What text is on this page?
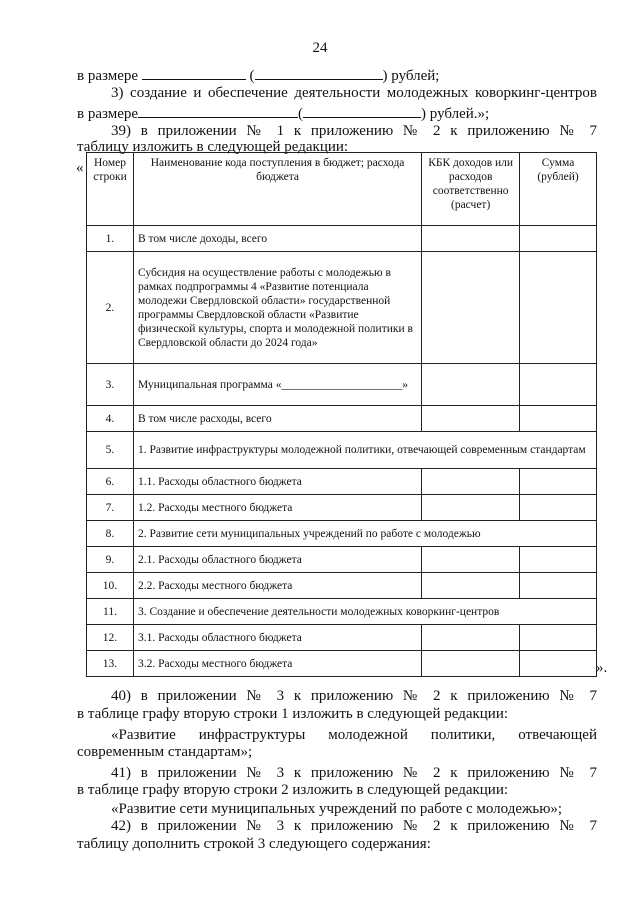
24
в размере	(	) рублей;
3) создание и обеспечение деятельности молодежных коворкинг-центров
в размере	(	) рублей.»;
39) в приложении № 1 к приложению № 2 к приложению № 7
таблицу изложить в следующей редакции:
« Номер строки	Наименование кода поступления в бюджет; расхода бюджета	КБК доходов или расходов соответственно (расчет)	Сумма (рублей)
1.	В том числе доходы, всего		
2.	Субсидия на осуществление работы с молодежью в рамках подпрограммы 4 «Развитие потенциала молодежи Свердловской области» государственной программы Свердловской области «Развитие физической культуры, спорта и молодежной политики в Свердловской области до 2024 года»		
3.	Муниципальная программа «_____________________»		
4.	В том числе расходы, всего		
5.	1. Развитие инфраструктуры молодежной политики, отвечающей современным стандартам		
6.	1.1. Расходы областного бюджета		
7.	1.2. Расходы местного бюджета		
8.	2. Развитие сети муниципальных учреждений по работе с молодежью		
9.	2.1. Расходы областного бюджета		
10.	2.2. Расходы местного бюджета		
11.	3. Создание и обеспечение деятельности молодежных коворкинг-центров		
12.	3.1. Расходы областного бюджета		
13.	3.2. Расходы местного бюджета			».
40) в приложении № 3 к приложению № 2 к приложению № 7
в таблице графу вторую строки 1 изложить в следующей редакции:
«Развитие инфраструктуры молодежной политики, отвечающей
современным стандартам»;
41) в приложении № 3 к приложению № 2 к приложению № 7
в таблице графу вторую строки 2 изложить в следующей редакции:
«Развитие сети муниципальных учреждений по работе с молодежью»;
42) в приложении № 3 к приложению № 2 к приложению № 7
таблицу дополнить строкой 3 следующего содержания:
